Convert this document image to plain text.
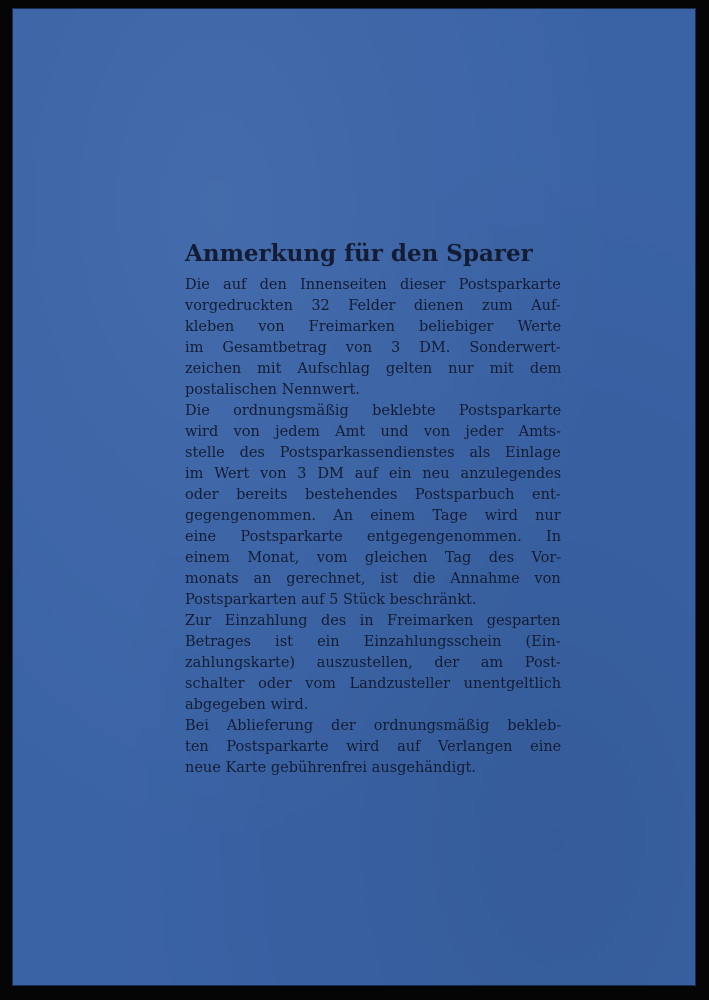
Anmerkung für den Sparer

Die auf den Innenseiten dieser Postsparkarte
vorgedruckten 32 Felder dienen zum Auf-
kleben von Freimarken beliebiger Werte
im Gesamtbetrag von 3 DM. Sonderwert-
zeichen mit Aufschlag gelten nur mit dem
postalischen Nennwert.

Die ordnungsmäßig beklebte Postsparkarte
wird von jedem Amt und von jeder Amts-
stelle des Postsparkassendienstes als Einlage
im Wert von 3 DM auf ein neu anzulegendes
oder bereits bestehendes Postsparbuch ent-
gegengenommen. An einem Tage wird nur
eine Postsparkarte entgegengenommen. In
einem Monat, vom gleichen Tag des Vor-
monats an gerechnet, ist die Annahme von
Postsparkarten auf 5 Stück beschränkt.

Zur Einzahlung des in Freimarken gesparten
Betrages ist ein Einzahlungsschein (Ein-
zahlungskarte) auszustellen, der am Post-
schalter oder vom Landzusteller unentgeltlich
abgegeben wird.

Bei Ablieferung der ordnungsmäßig bekleb-
ten Postsparkarte wird auf Verlangen eine
neue Karte gebührenfrei ausgehändigt.
